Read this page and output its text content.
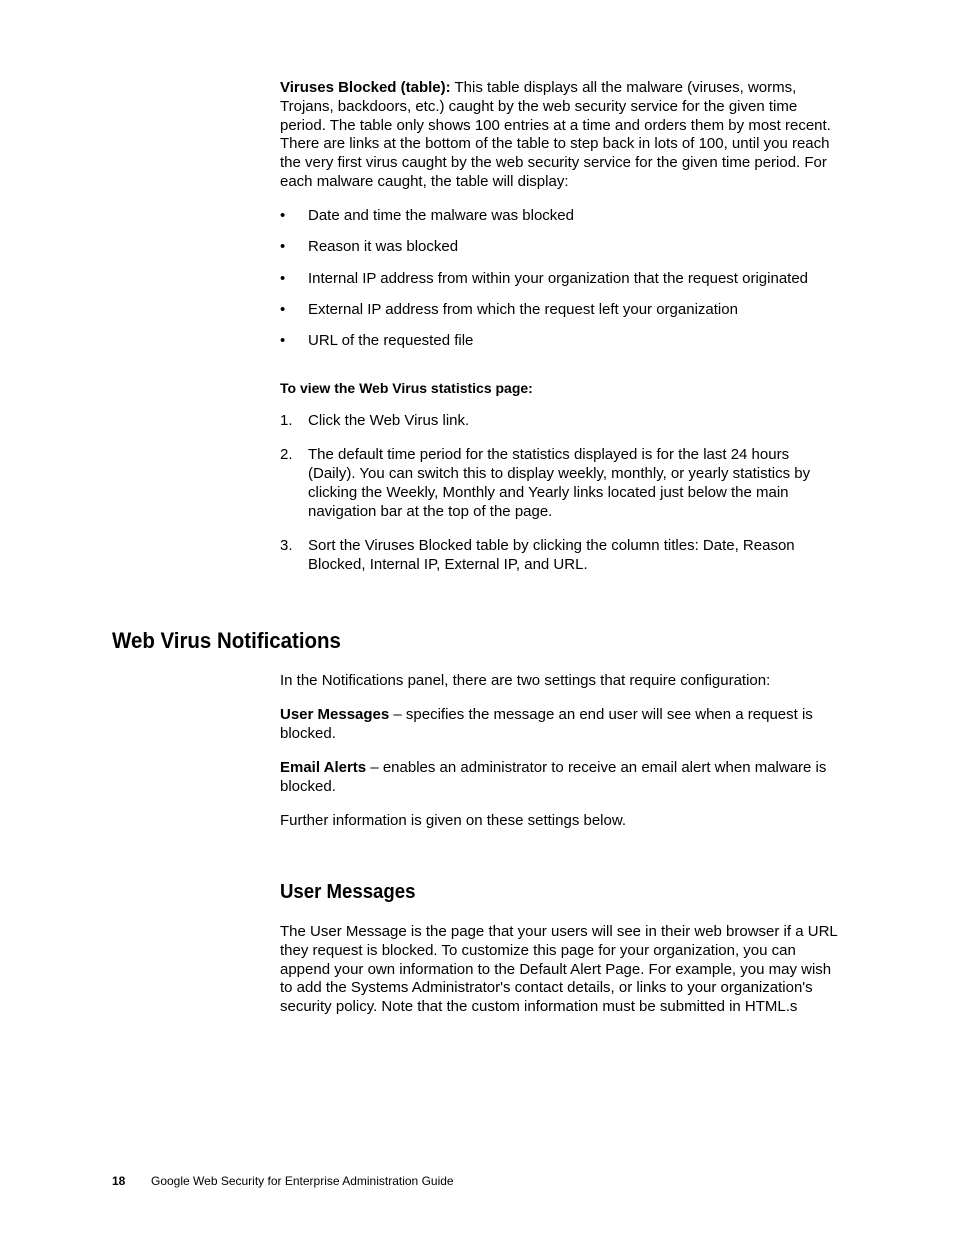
Viruses Blocked (table): This table displays all the malware (viruses, worms, Trojans, backdoors, etc.) caught by the web security service for the given time period. The table only shows 100 entries at a time and orders them by most recent. There are links at the bottom of the table to step back in lots of 100, until you reach the very first virus caught by the web security service for the given time period. For each malware caught, the table will display:

• Date and time the malware was blocked
• Reason it was blocked
• Internal IP address from within your organization that the request originated
• External IP address from which the request left your organization
• URL of the requested file
To view the Web Virus statistics page:
1. Click the Web Virus link.
2. The default time period for the statistics displayed is for the last 24 hours (Daily). You can switch this to display weekly, monthly, or yearly statistics by clicking the Weekly, Monthly and Yearly links located just below the main navigation bar at the top of the page.
3. Sort the Viruses Blocked table by clicking the column titles: Date, Reason Blocked, Internal IP, External IP, and URL.
Web Virus Notifications

In the Notifications panel, there are two settings that require configuration:

User Messages – specifies the message an end user will see when a request is blocked.

Email Alerts – enables an administrator to receive an email alert when malware is blocked.

Further information is given on these settings below.

User Messages

The User Message is the page that your users will see in their web browser if a URL they request is blocked. To customize this page for your organization, you can append your own information to the Default Alert Page. For example, you may wish to add the Systems Administrator's contact details, or links to your organization's security policy. Note that the custom information must be submitted in HTML.s

18 Google Web Security for Enterprise Administration Guide
